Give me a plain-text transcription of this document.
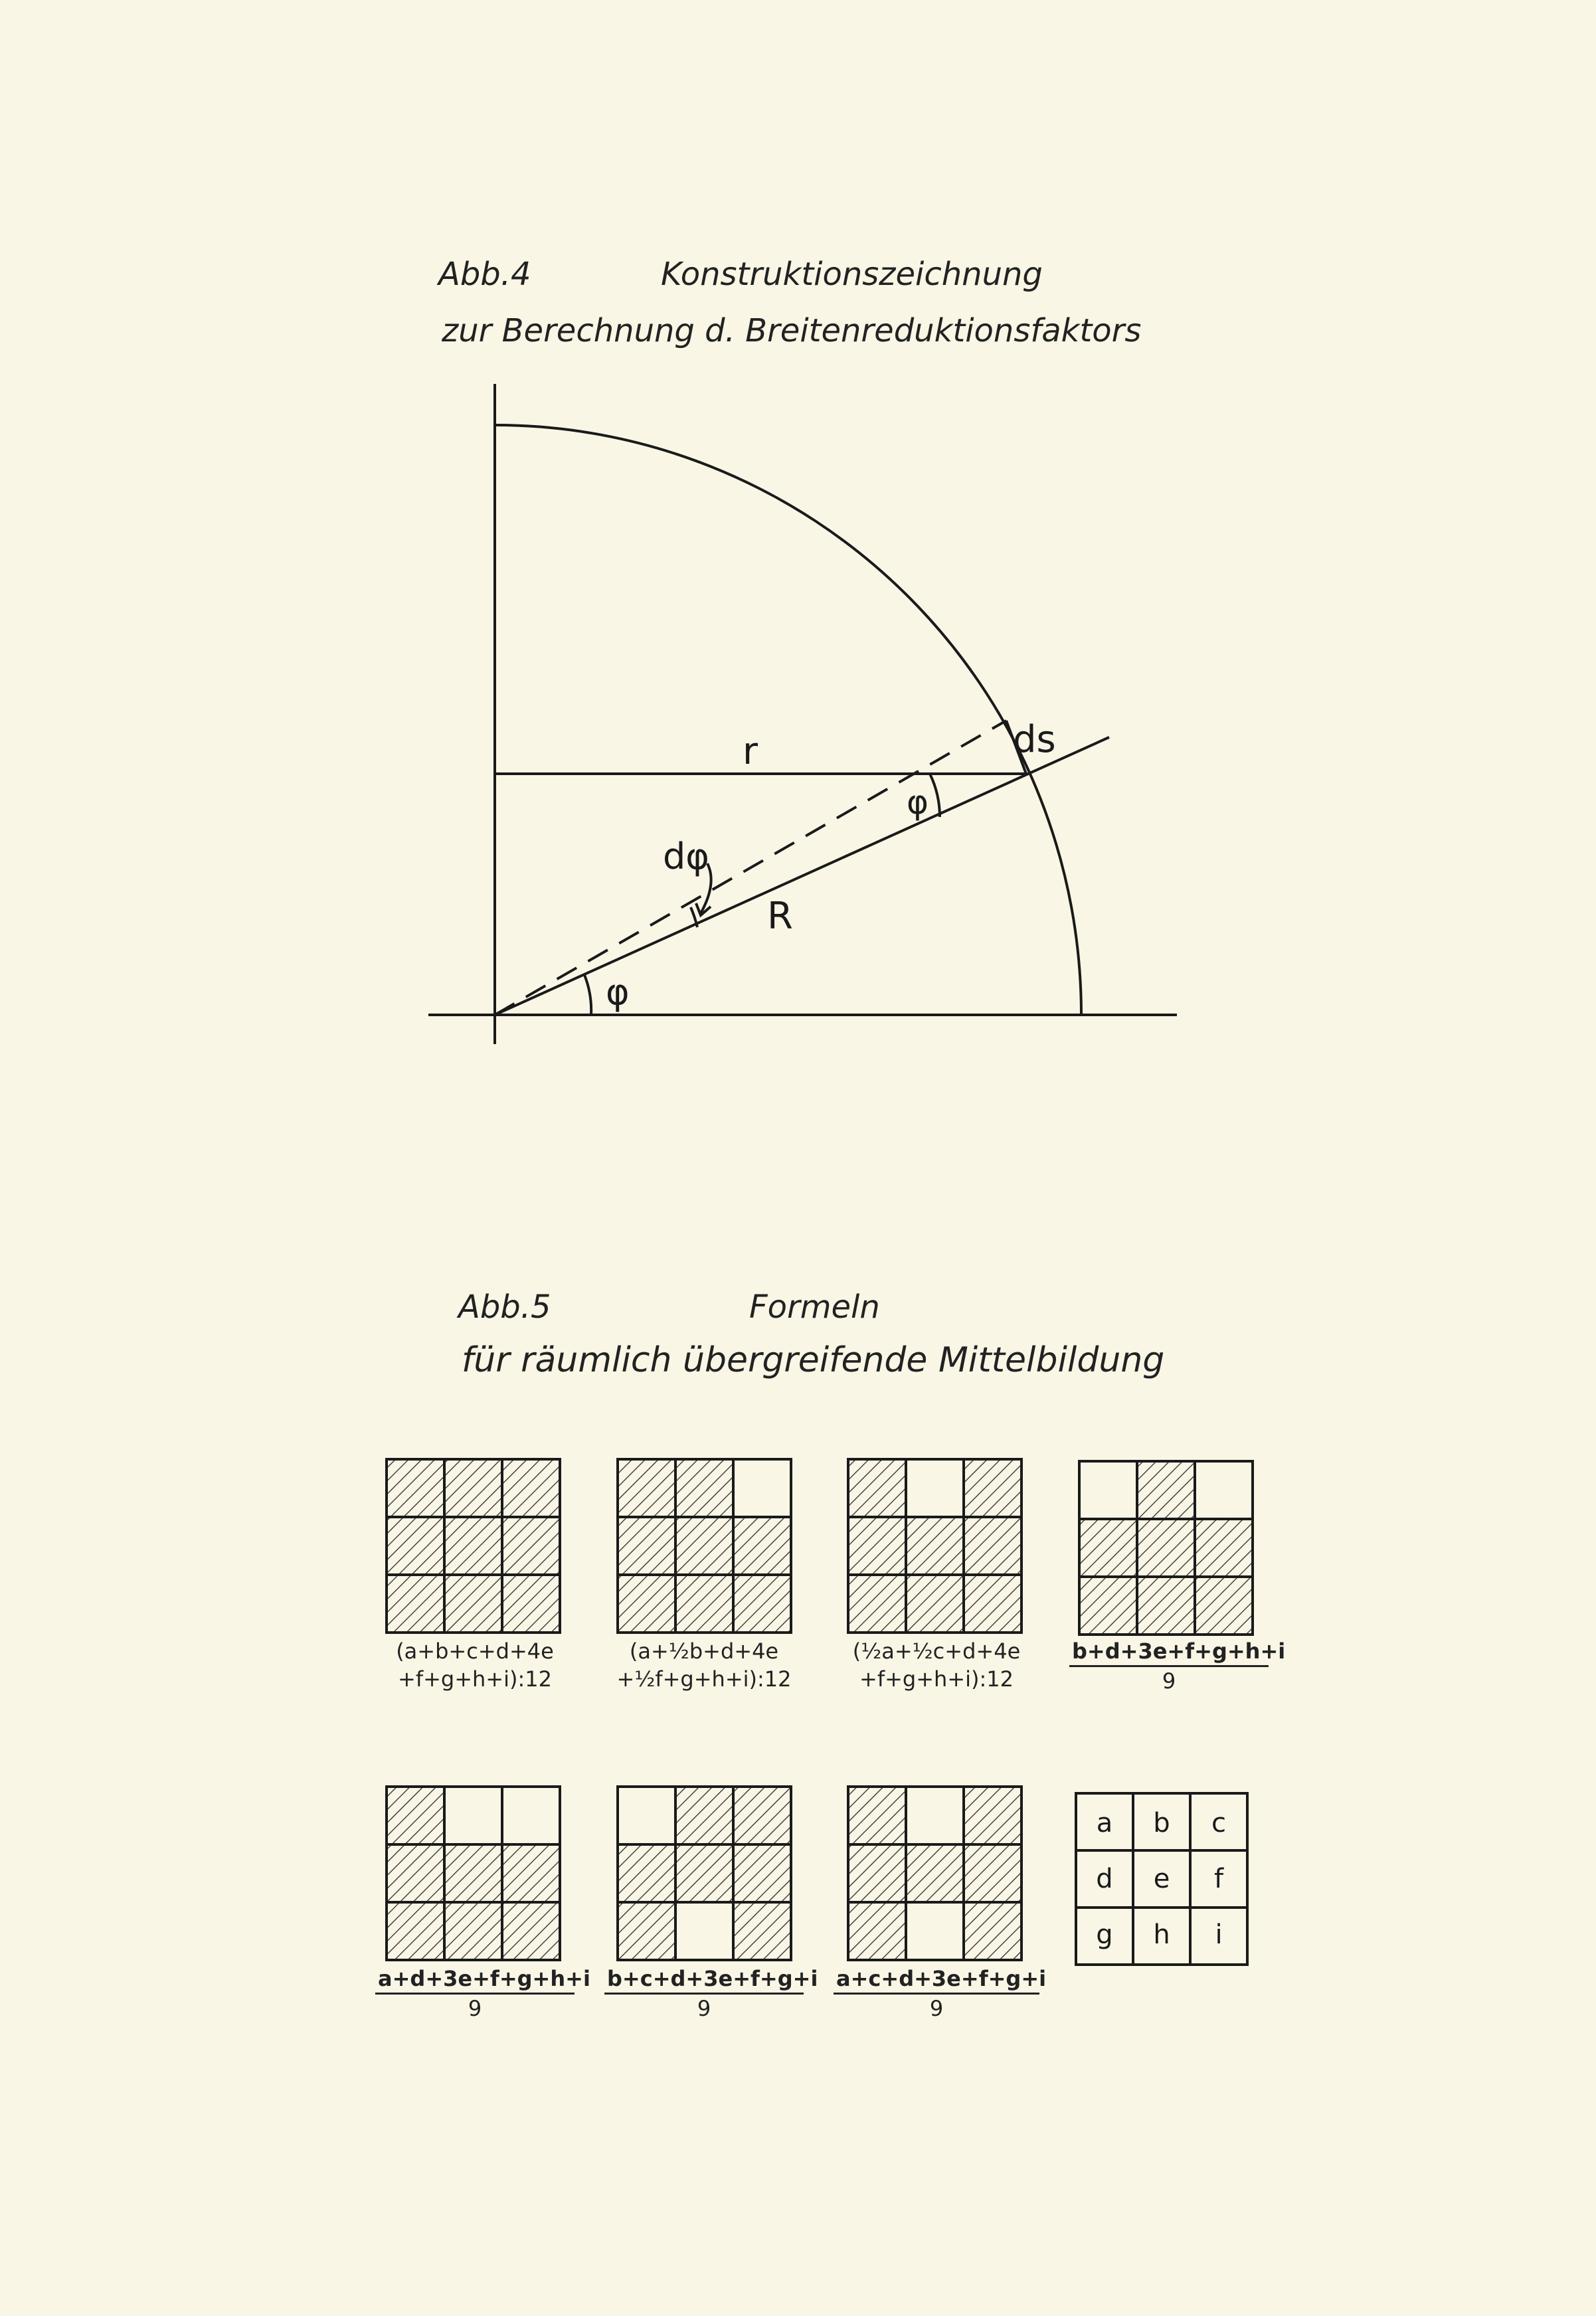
Abb.4	Konstruktionszeichnung
zur Berechnung d. Breitenreduktionsfaktors
r
R
ds
dφ
φ
φ
Abb.5	Formeln
für räumlich übergreifende Mittelbildung
a b c
d e f
g h i
(a+b+c+d+4e
+f+g+h+i):12
(a+½b+d+4e
+½f+g+h+i):12
(½a+½c+d+4e
+f+g+h+i):12	$\frac{b+d+3e+f+g+h+i}{9}$
$\frac{a+d+3e+f+g+h+i}{9} \frac{b+c+d+3e+f+g+i}{9} \frac{a+c+d+3e+f+g+i}{9}$
